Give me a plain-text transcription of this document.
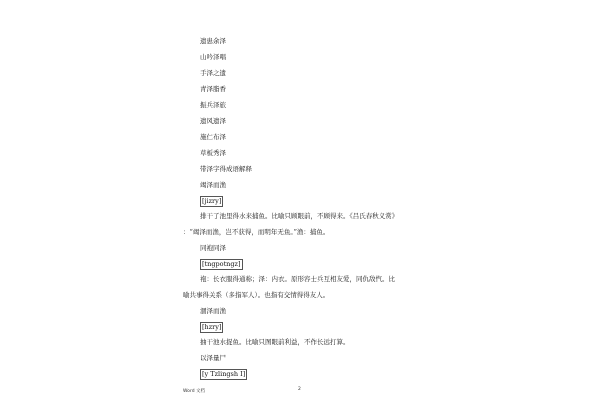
遗患余泽
山吟泽唱
手泽之遗
青泽脂香
振兵泽旅
遗风遗泽
施仁布泽
草板秀泽
带泽字得成语解释
竭泽而渔
[jizry]
排干了池里得水来捕鱼。比喻只顾眼前，不顾得来。《吕氏春秋义赏》
：“竭泽而渔，岂不获得，而明年无鱼。”渔：捕鱼。
同袍同泽
[tngpotngz]
袍：长衣服得通称；泽：内衣。原形容士兵互相友爱，同仇敌忾。比
喻共事得关系（多指军人）。也指有交情得得友人。
涸泽而渔
[hzry]
抽干池水捉鱼。比喻只图眼前利益，不作长远打算。
以泽量尸
[y Tzlingsh I]
Word 文档	2
